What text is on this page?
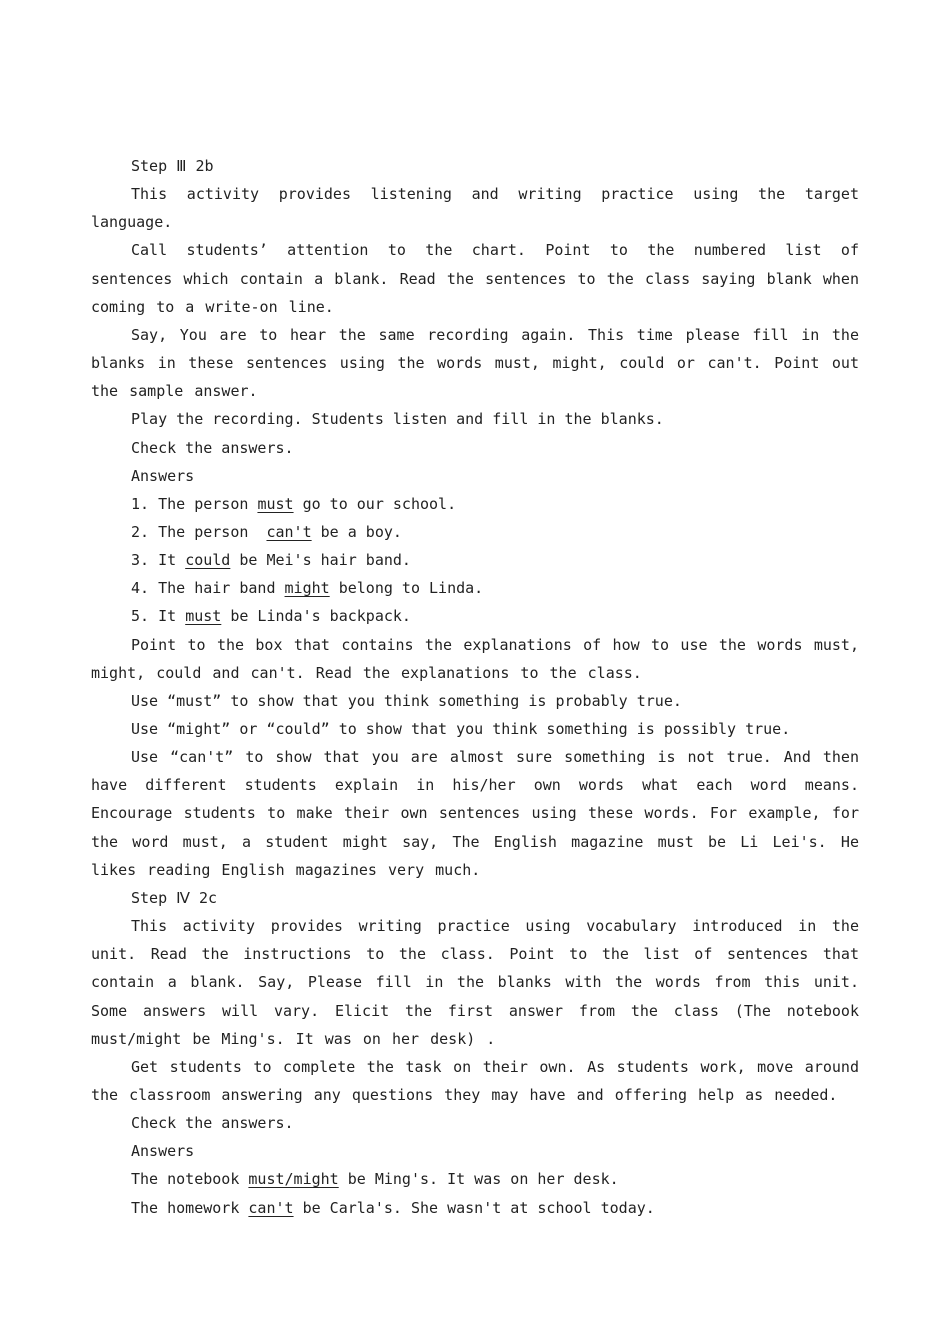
Step Ⅲ 2b
This activity provides listening and writing practice using the target language.
Call students’ attention to the chart. Point to the numbered list of sentences which contain a blank. Read the sentences to the class saying blank when coming to a write-on line.
Say, You are to hear the same recording again. This time please fill in the blanks in these sentences using the words must, might, could or can't. Point out the sample answer.
Play the recording. Students listen and fill in the blanks.
Check the answers.
Answers
1. The person must go to our school.
2. The person  can't be a boy.
3. It could be Mei's hair band.
4. The hair band might belong to Linda.
5. It must be Linda's backpack.
Point to the box that contains the explanations of how to use the words must, might, could and can't. Read the explanations to the class.
Use “must” to show that you think something is probably true.
Use “might” or “could” to show that you think something is possibly true.
Use “can't” to show that you are almost sure something is not true. And then have different students explain in his/her own words what each word means. Encourage students to make their own sentences using these words. For example, for the word must, a student might say, The English magazine must be Li Lei's. He likes reading English magazines very much.
Step Ⅳ 2c
This activity provides writing practice using vocabulary introduced in the unit. Read the instructions to the class. Point to the list of sentences that contain a blank. Say, Please fill in the blanks with the words from this unit. Some answers will vary. Elicit the first answer from the class (The notebook must/might be Ming's. It was on her desk) .
Get students to complete the task on their own. As students work, move around the classroom answering any questions they may have and offering help as needed.
Check the answers.
Answers
The notebook must/might be Ming's. It was on her desk.
The homework can't be Carla's. She wasn't at school today.
